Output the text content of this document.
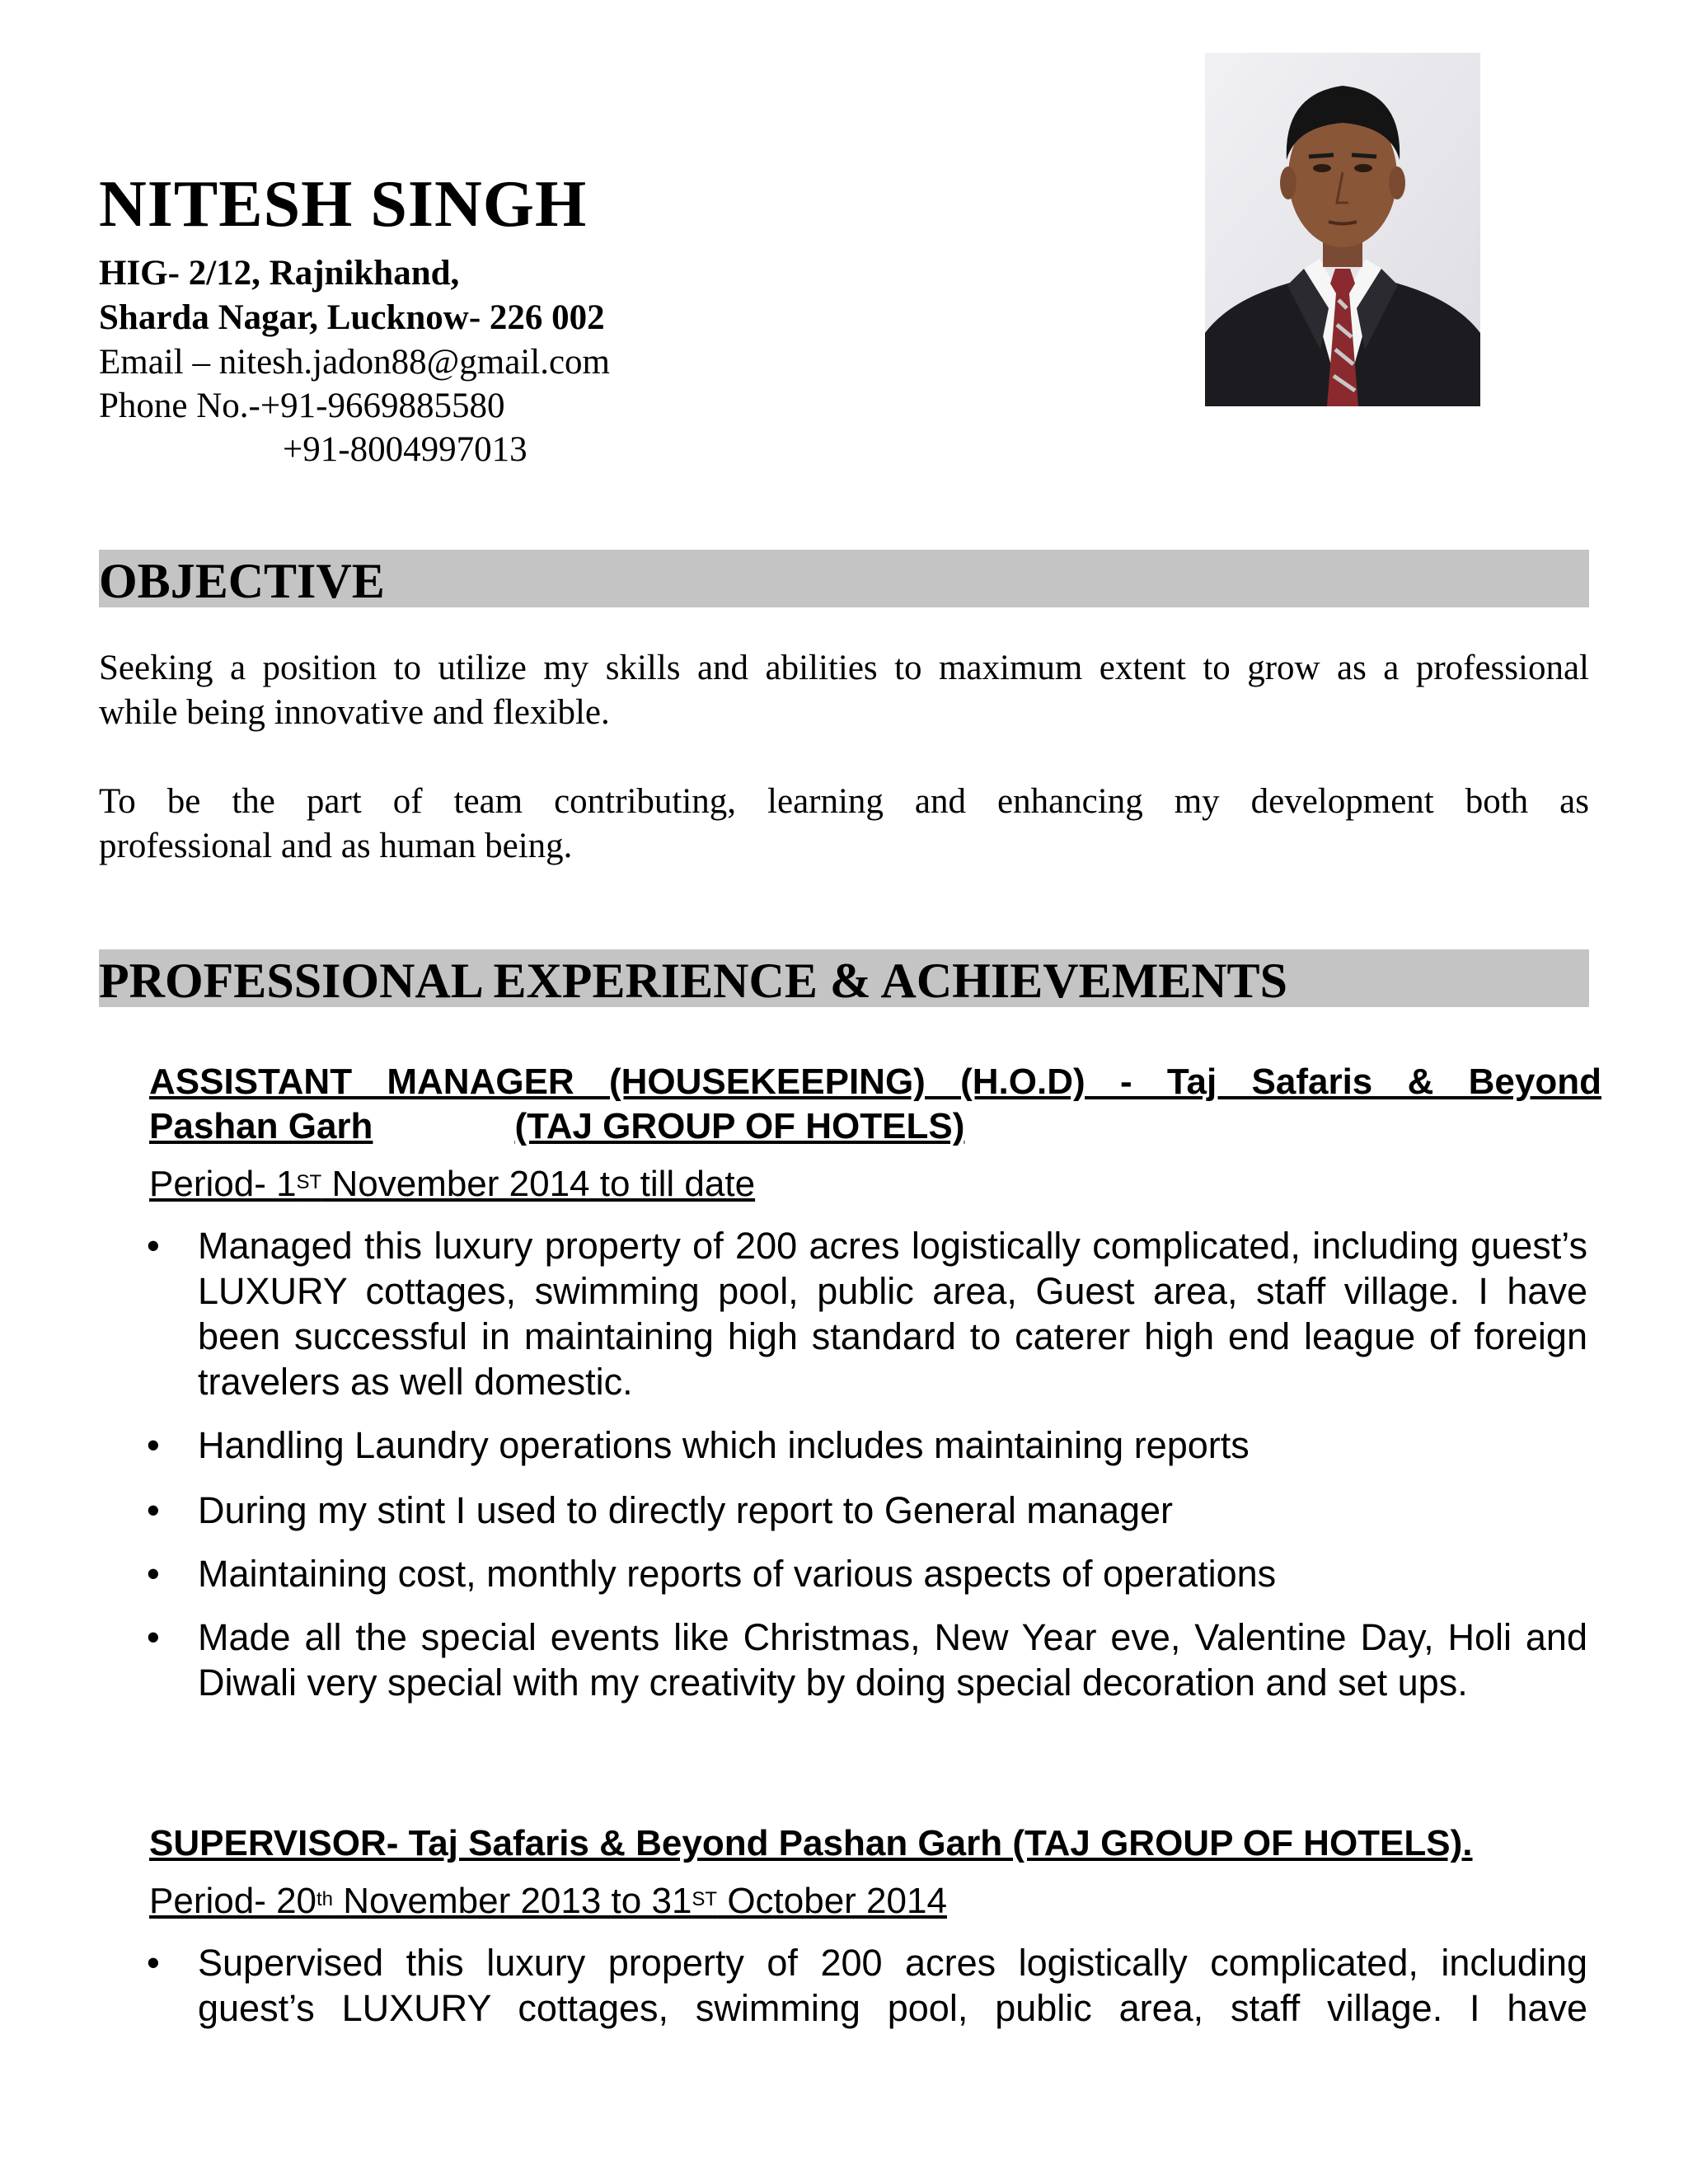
NITESH SINGH
HIG- 2/12, Rajnikhand,
Sharda Nagar, Lucknow- 226 002
Email – nitesh.jadon88@gmail.com
Phone No.-+91-9669885580
+91-8004997013
OBJECTIVE
Seeking a position to utilize my skills and abilities to maximum extent to grow as a professional
while being innovative and flexible.
To be the part of team contributing, learning and enhancing my development both as
professional and as human being.
PROFESSIONAL EXPERIENCE & ACHIEVEMENTS
ASSISTANT MANAGER (HOUSEKEEPING) (H.O.D) - Taj Safaris & Beyond
Pashan Garh	(TAJ GROUP OF HOTELS)
Period- 1ST November 2014 to till date
• Managed this luxury property of 200 acres logistically complicated, including guest’s LUXURY cottages, swimming pool, public area, Guest area, staff village. I have been successful in maintaining high standard to caterer high end league of foreign travelers as well domestic.
• Handling Laundry operations which includes maintaining reports
• During my stint I used to directly report to General manager
• Maintaining cost, monthly reports of various aspects of operations
• Made all the special events like Christmas, New Year eve, Valentine Day, Holi and Diwali very special with my creativity by doing special decoration and set ups.
SUPERVISOR- Taj Safaris & Beyond Pashan Garh (TAJ GROUP OF HOTELS).
Period- 20th November 2013 to 31ST October 2014
• Supervised this luxury property of 200 acres logistically complicated, including guest’s LUXURY cottages, swimming pool, public area, staff village. I have
